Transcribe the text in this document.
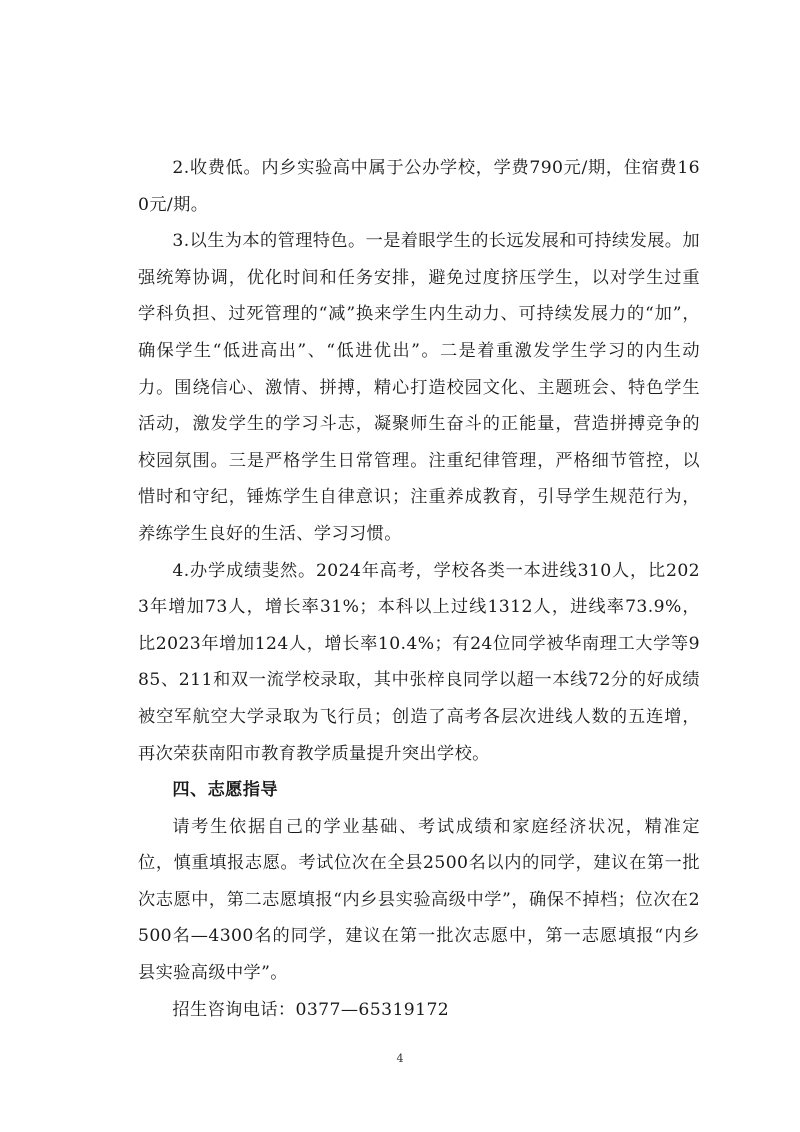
2.收费低。内乡实验高中属于公办学校，学费790元/期，住宿费160元/期。

3.以生为本的管理特色。一是着眼学生的长远发展和可持续发展。加强统筹协调，优化时间和任务安排，避免过度挤压学生，以对学生过重学科负担、过死管理的“减”换来学生内生动力、可持续发展力的“加”，确保学生“低进高出”、“低进优出”。二是着重激发学生学习的内生动力。围绕信心、激情、拼搏，精心打造校园文化、主题班会、特色学生活动，激发学生的学习斗志，凝聚师生奋斗的正能量，营造拼搏竞争的校园氛围。三是严格学生日常管理。注重纪律管理，严格细节管控，以惜时和守纪，锤炼学生自律意识；注重养成教育，引导学生规范行为，养练学生良好的生活、学习习惯。

4.办学成绩斐然。2024年高考，学校各类一本进线310人，比2023年增加73人，增长率31%；本科以上过线1312人，进线率73.9%，比2023年增加124人，增长率10.4%；有24位同学被华南理工大学等985、211和双一流学校录取，其中张梓良同学以超一本线72分的好成绩被空军航空大学录取为飞行员；创造了高考各层次进线人数的五连增，再次荣获南阳市教育教学质量提升突出学校。

四、志愿指导

请考生依据自己的学业基础、考试成绩和家庭经济状况，精准定位，慎重填报志愿。考试位次在全县2500名以内的同学，建议在第一批次志愿中，第二志愿填报“内乡县实验高级中学”，确保不掉档；位次在2500名—4300名的同学，建议在第一批次志愿中，第一志愿填报“内乡县实验高级中学”。

招生咨询电话：0377—65319172

4
